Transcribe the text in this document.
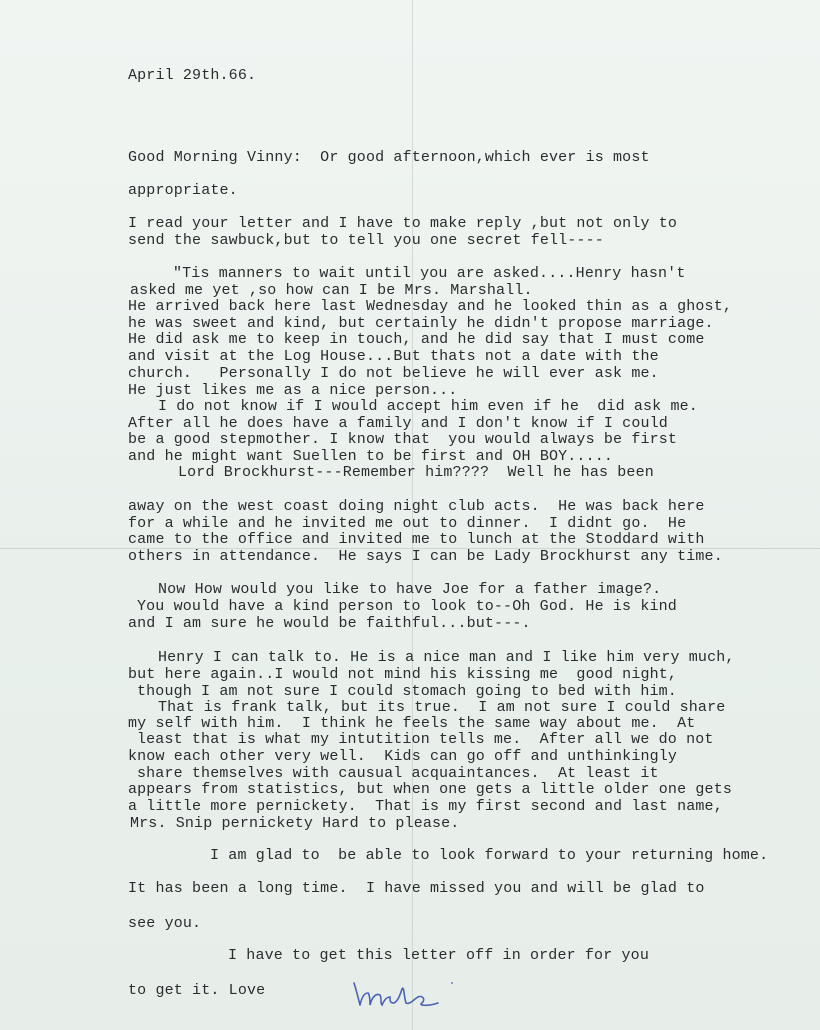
April 29th.66.
Good Morning Vinny:  Or good afternoon,which ever is most
appropriate.
I read your letter and I have to make reply ,but not only to
send the sawbuck,but to tell you one secret fell----
"Tis manners to wait until you are asked....Henry hasn't
asked me yet ,so how can I be Mrs. Marshall.
He arrived back here last Wednesday and he looked thin as a ghost,
he was sweet and kind, but certainly he didn't propose marriage.
He did ask me to keep in touch, and he did say that I must come
and visit at the Log House...But thats not a date with the
church.   Personally I do not believe he will ever ask me.
He just likes me as a nice person...
I do not know if I would accept him even if he  did ask me.
After all he does have a family and I don't know if I could
be a good stepmother. I know that  you would always be first
and he might want Suellen to be first and OH BOY.....
Lord Brockhurst---Remember him????  Well he has been
away on the west coast doing night club acts.  He was back here
for a while and he invited me out to dinner.  I didnt go.  He
came to the office and invited me to lunch at the Stoddard with
others in attendance.  He says I can be Lady Brockhurst any time.
Now How would you like to have Joe for a father image?.
You would have a kind person to look to--Oh God. He is kind
and I am sure he would be faithful...but---.
Henry I can talk to. He is a nice man and I like him very much,
but here again..I would not mind his kissing me  good night,
though I am not sure I could stomach going to bed with him.
That is frank talk, but its true.  I am not sure I could share
my self with him.  I think he feels the same way about me.  At
least that is what my intutition tells me.  After all we do not
know each other very well.  Kids can go off and unthinkingly
share themselves with causual acquaintances.  At least it
appears from statistics, but when one gets a little older one gets
a little more pernickety.  That is my first second and last name,
Mrs. Snip pernickety Hard to please.
I am glad to  be able to look forward to your returning home.
It has been a long time.  I have missed you and will be glad to
see you.
I have to get this letter off in order for you
to get it. Love
